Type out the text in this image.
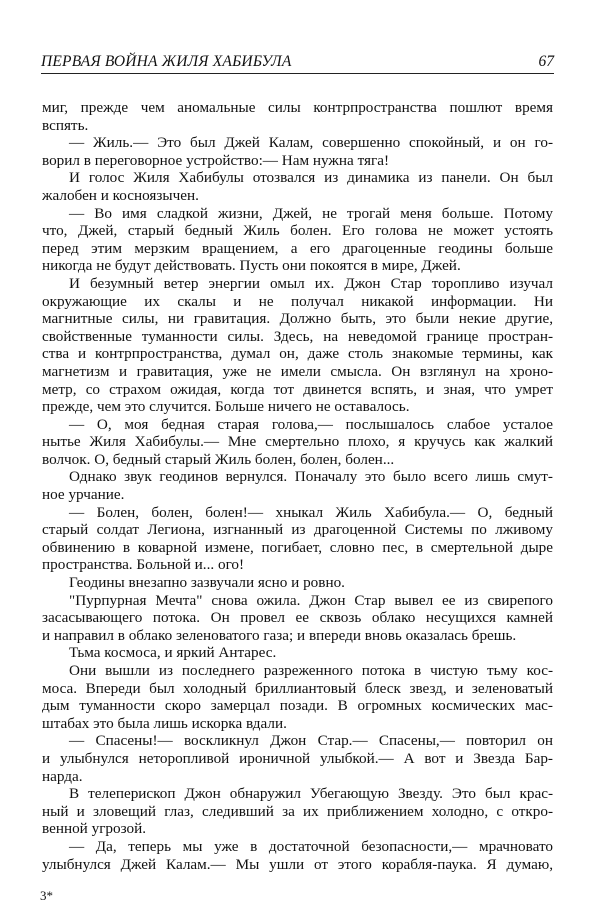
ПЕРВАЯ ВОЙНА ЖИЛЯ ХАБИБУЛА	67
миг, прежде чем аномальные силы контрпространства пошлют время
вспять.
— Жиль.— Это был Джей Калам, совершенно спокойный, и он го-
ворил в переговорное устройство:— Нам нужна тяга!
И голос Жиля Хабибулы отозвался из динамика из панели. Он был
жалобен и косноязычен.
— Во имя сладкой жизни, Джей, не трогай меня больше. Потому
что, Джей, старый бедный Жиль болен. Его голова не может устоять
перед этим мерзким вращением, а его драгоценные геодины больше
никогда не будут действовать. Пусть они покоятся в мире, Джей.
И безумный ветер энергии омыл их. Джон Стар торопливо изучал
окружающие их скалы и не получал никакой информации. Ни
магнитные силы, ни гравитация. Должно быть, это были некие другие,
свойственные туманности силы. Здесь, на неведомой границе простран-
ства и контрпространства, думал он, даже столь знакомые термины, как
магнетизм и гравитация, уже не имели смысла. Он взглянул на хроно-
метр, со страхом ожидая, когда тот двинется вспять, и зная, что умрет
прежде, чем это случится. Больше ничего не оставалось.
— О, моя бедная старая голова,— послышалось слабое усталое
нытье Жиля Хабибулы.— Мне смертельно плохо, я кручусь как жалкий
волчок. О, бедный старый Жиль болен, болен, болен...
Однако звук геодинов вернулся. Поначалу это было всего лишь смут-
ное урчание.
— Болен, болен, болен!— хныкал Жиль Хабибула.— О, бедный
старый солдат Легиона, изгнанный из драгоценной Системы по лживому
обвинению в коварной измене, погибает, словно пес, в смертельной дыре
пространства. Больной и... ого!
Геодины внезапно зазвучали ясно и ровно.
"Пурпурная Мечта" снова ожила. Джон Стар вывел ее из свирепого
засасывающего потока. Он провел ее сквозь облако несущихся камней
и направил в облако зеленоватого газа; и впереди вновь оказалась брешь.
Тьма космоса, и яркий Антарес.
Они вышли из последнего разреженного потока в чистую тьму кос-
моса. Впереди был холодный бриллиантовый блеск звезд, и зеленоватый
дым туманности скоро замерцал позади. В огромных космических мас-
штабах это была лишь искорка вдали.
— Спасены!— воскликнул Джон Стар.— Спасены,— повторил он
и улыбнулся неторопливой ироничной улыбкой.— А вот и Звезда Бар-
нарда.
В телеперископ Джон обнаружил Убегающую Звезду. Это был крас-
ный и зловещий глаз, следивший за их приближением холодно, с откро-
венной угрозой.
— Да, теперь мы уже в достаточной безопасности,— мрачновато
улыбнулся Джей Калам.— Мы ушли от этого корабля-паука. Я думаю,
3*
